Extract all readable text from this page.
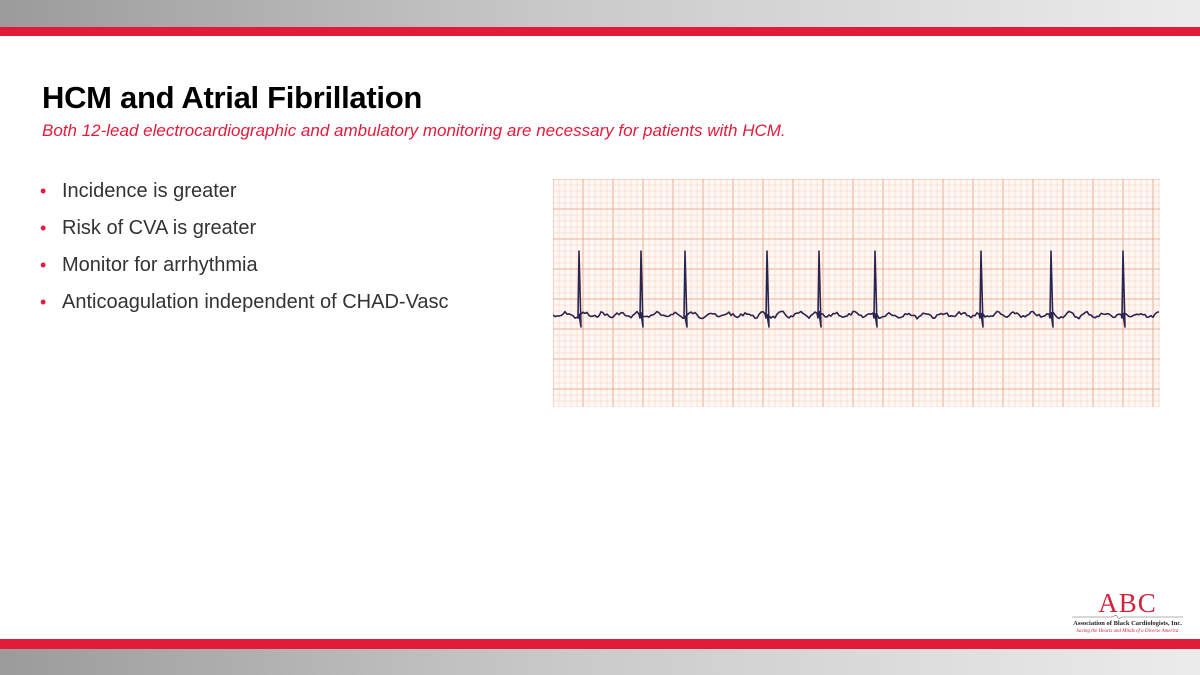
HCM and Atrial Fibrillation

Both 12-lead electrocardiographic and ambulatory monitoring are necessary for patients with HCM.

• Incidence is greater
• Risk of CVA is greater
• Monitor for arrhythmia
• Anticoagulation independent of CHAD-Vasc
ABC
Association of Black Cardiologists, Inc.
Saving the Hearts and Minds of a Diverse America
